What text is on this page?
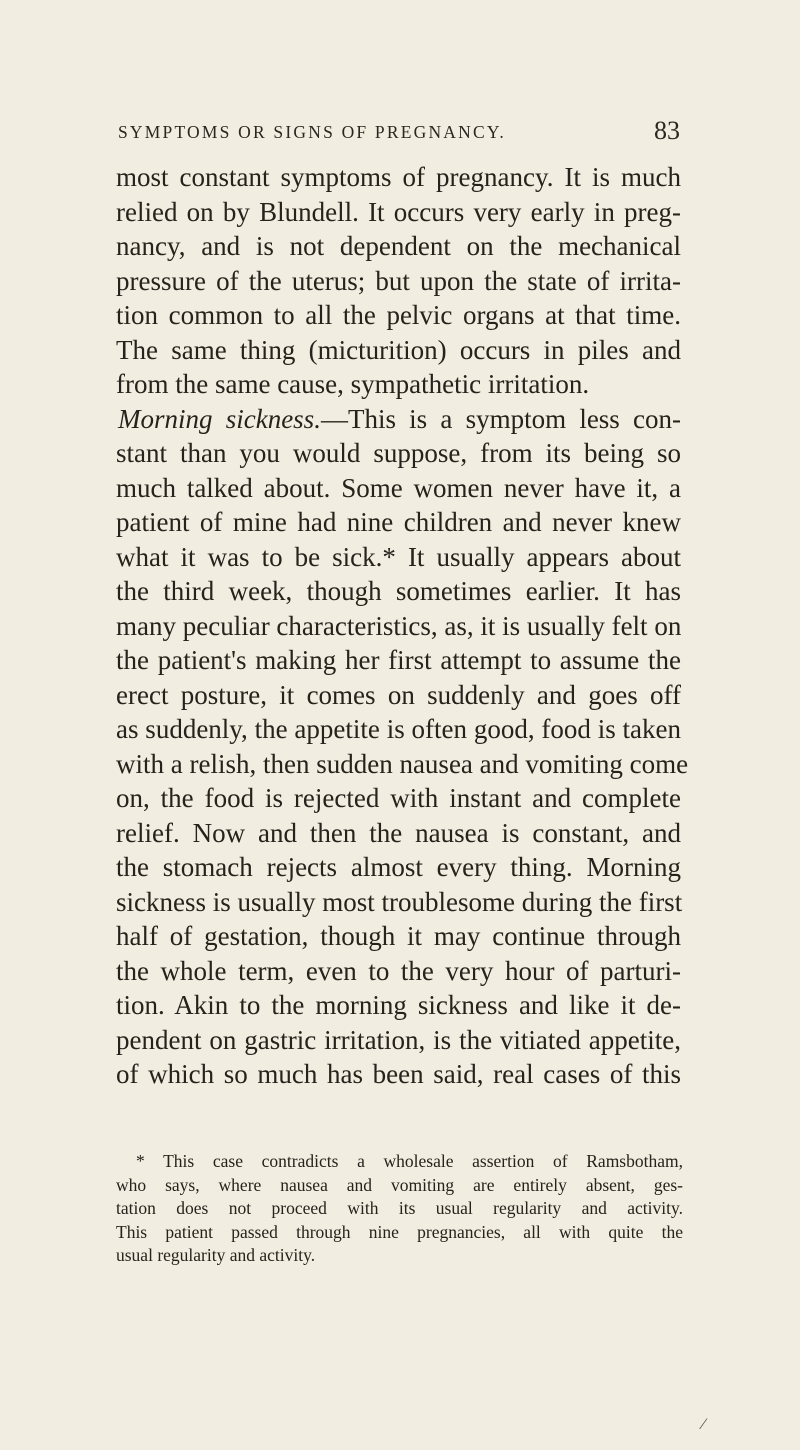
SYMPTOMS OR SIGNS OF PREGNANCY.	83
most constant symptoms of pregnancy. It is much
relied on by Blundell. It occurs very early in preg-
nancy, and is not dependent on the mechanical
pressure of the uterus; but upon the state of irrita-
tion common to all the pelvic organs at that time.
The same thing (micturition) occurs in piles and
from the same cause, sympathetic irritation.
Morning sickness.—This is a symptom less con-
stant than you would suppose, from its being so
much talked about. Some women never have it, a
patient of mine had nine children and never knew
what it was to be sick.* It usually appears about
the third week, though sometimes earlier. It has
many peculiar characteristics, as, it is usually felt on
the patient's making her first attempt to assume the
erect posture, it comes on suddenly and goes off
as suddenly, the appetite is often good, food is taken
with a relish, then sudden nausea and vomiting come
on, the food is rejected with instant and complete
relief. Now and then the nausea is constant, and
the stomach rejects almost every thing. Morning
sickness is usually most troublesome during the first
half of gestation, though it may continue through
the whole term, even to the very hour of parturi-
tion. Akin to the morning sickness and like it de-
pendent on gastric irritation, is the vitiated appetite,
of which so much has been said, real cases of this
* This case contradicts a wholesale assertion of Ramsbotham,
who says, where nausea and vomiting are entirely absent, ges-
tation does not proceed with its usual regularity and activity.
This patient passed through nine pregnancies, all with quite the
usual regularity and activity.
⁄
